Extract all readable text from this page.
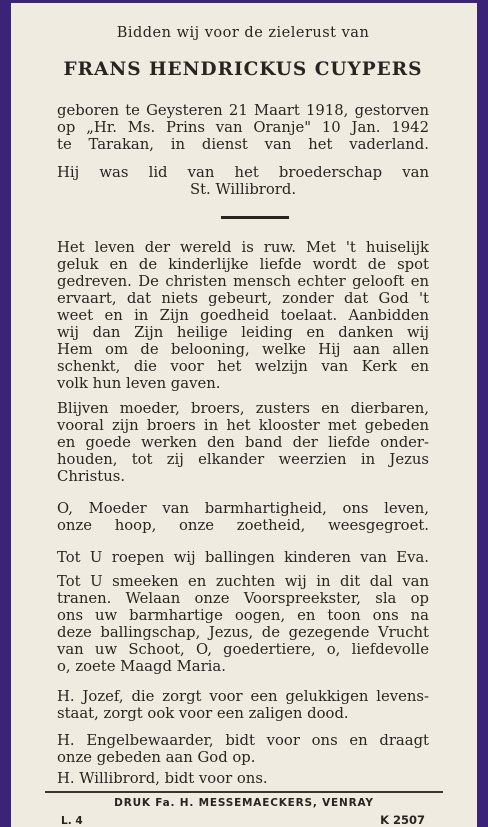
Bidden wij voor de zielerust van
FRANS HENDRICKUS CUYPERS
geboren te Geysteren 21 Maart 1918, gestorven
op „Hr. Ms. Prins van Oranje" 10 Jan. 1942
te Tarakan, in dienst van het vaderland.
Hij was lid van het broederschap van
St. Willibrord.
Het leven der wereld is ruw. Met 't huiselijk
geluk en de kinderlijke liefde wordt de spot
gedreven. De christen mensch echter gelooft en
ervaart, dat niets gebeurt, zonder dat God 't
weet en in Zijn goedheid toelaat. Aanbidden
wij dan Zijn heilige leiding en danken wij
Hem om de belooning, welke Hij aan allen
schenkt, die voor het welzijn van Kerk en
volk hun leven gaven.
Blijven moeder, broers, zusters en dierbaren,
vooral zijn broers in het klooster met gebeden
en goede werken den band der liefde onder-
houden, tot zij elkander weerzien in Jezus
Christus.
O, Moeder van barmhartigheid, ons leven,
onze hoop, onze zoetheid, weesgegroet.
Tot U roepen wij ballingen kinderen van Eva.
Tot U smeeken en zuchten wij in dit dal van
tranen. Welaan onze Voorspreekster, sla op
ons uw barmhartige oogen, en toon ons na
deze ballingschap, Jezus, de gezegende Vrucht
van uw Schoot, O, goedertiere, o, liefdevolle
o, zoete Maagd Maria.
H. Jozef, die zorgt voor een gelukkigen levens-
staat, zorgt ook voor een zaligen dood.
H. Engelbewaarder, bidt voor ons en draagt
onze gebeden aan God op.
H. Willibrord, bidt voor ons.
DRUK Fa. H. MESSEMAECKERS, VENRAY
L. 4	K 2507
